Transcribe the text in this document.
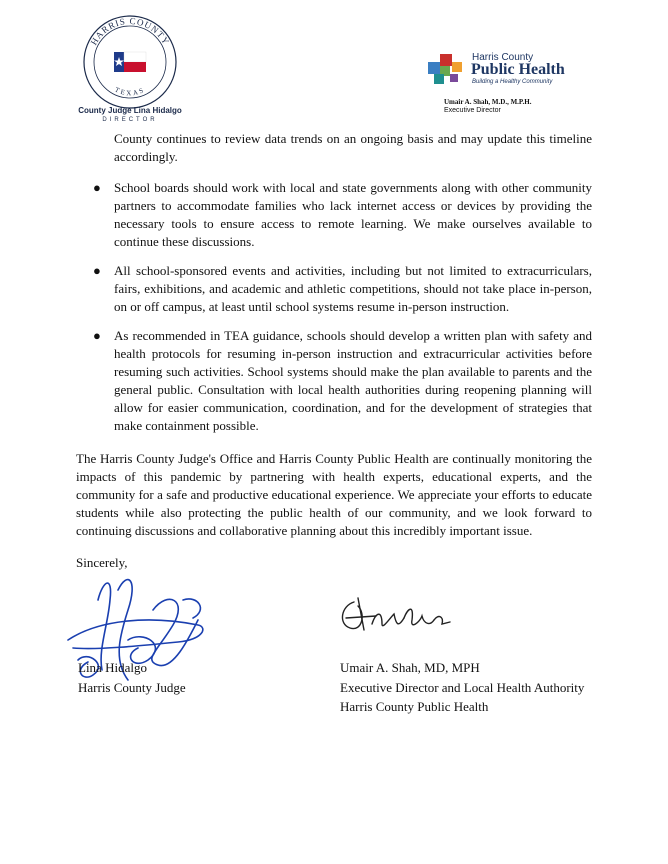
HARRIS COUNTY
TEXAS
County Judge Lina Hidalgo
DIRECTOR
Harris County
Public Health
Building a Healthy Community
Umair A. Shah, M.D., M.P.H.
Executive Director
County continues to review data trends on an ongoing basis and may update this timeline accordingly.
● School boards should work with local and state governments along with other community partners to accommodate families who lack internet access or devices by providing the necessary tools to ensure access to remote learning. We make ourselves available to continue these discussions.
● All school-sponsored events and activities, including but not limited to extracurriculars, fairs, exhibitions, and academic and athletic competitions, should not take place in-person, on or off campus, at least until school systems resume in-person instruction.
● As recommended in TEA guidance, schools should develop a written plan with safety and health protocols for resuming in-person instruction and extracurricular activities before resuming such activities. School systems should make the plan available to parents and the general public. Consultation with local health authorities during reopening planning will allow for easier communication, coordination, and for the development of strategies that make containment possible.
The Harris County Judge's Office and Harris County Public Health are continually monitoring the impacts of this pandemic by partnering with health experts, educational experts, and the community for a safe and productive educational experience. We appreciate your efforts to educate students while also protecting the public health of our community, and we look forward to continuing discussions and collaborative planning about this incredibly important issue.
Sincerely,
Lina Hidalgo
Harris County Judge
Umair A. Shah, MD, MPH
Executive Director and Local Health Authority
Harris County Public Health
